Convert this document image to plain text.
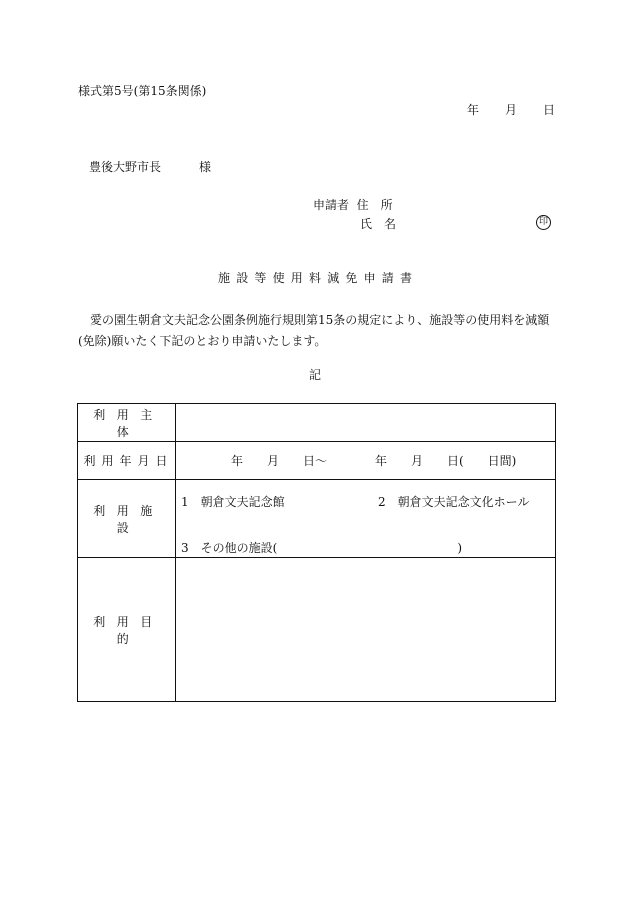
様式第5号(第15条関係)
年 月 日
豊後大野市長	様
申請者 住　所
氏　名	印
施設等使用料減免申請書
　愛の園生朝倉文夫記念公園条例施行規則第15条の規定により、施設等の使用料を減額(免除)願いたく下記のとおり申請いたします。
記
利用主体	
利用年月日	年　　月　　日～　　　　年　　月　　日(　　日間)

利用施設	1　朝倉文夫記念館 2　朝倉文夫記念文化ホール
3　その他の施設(　　　　　　　　　　　　　　　)

利用目的	
